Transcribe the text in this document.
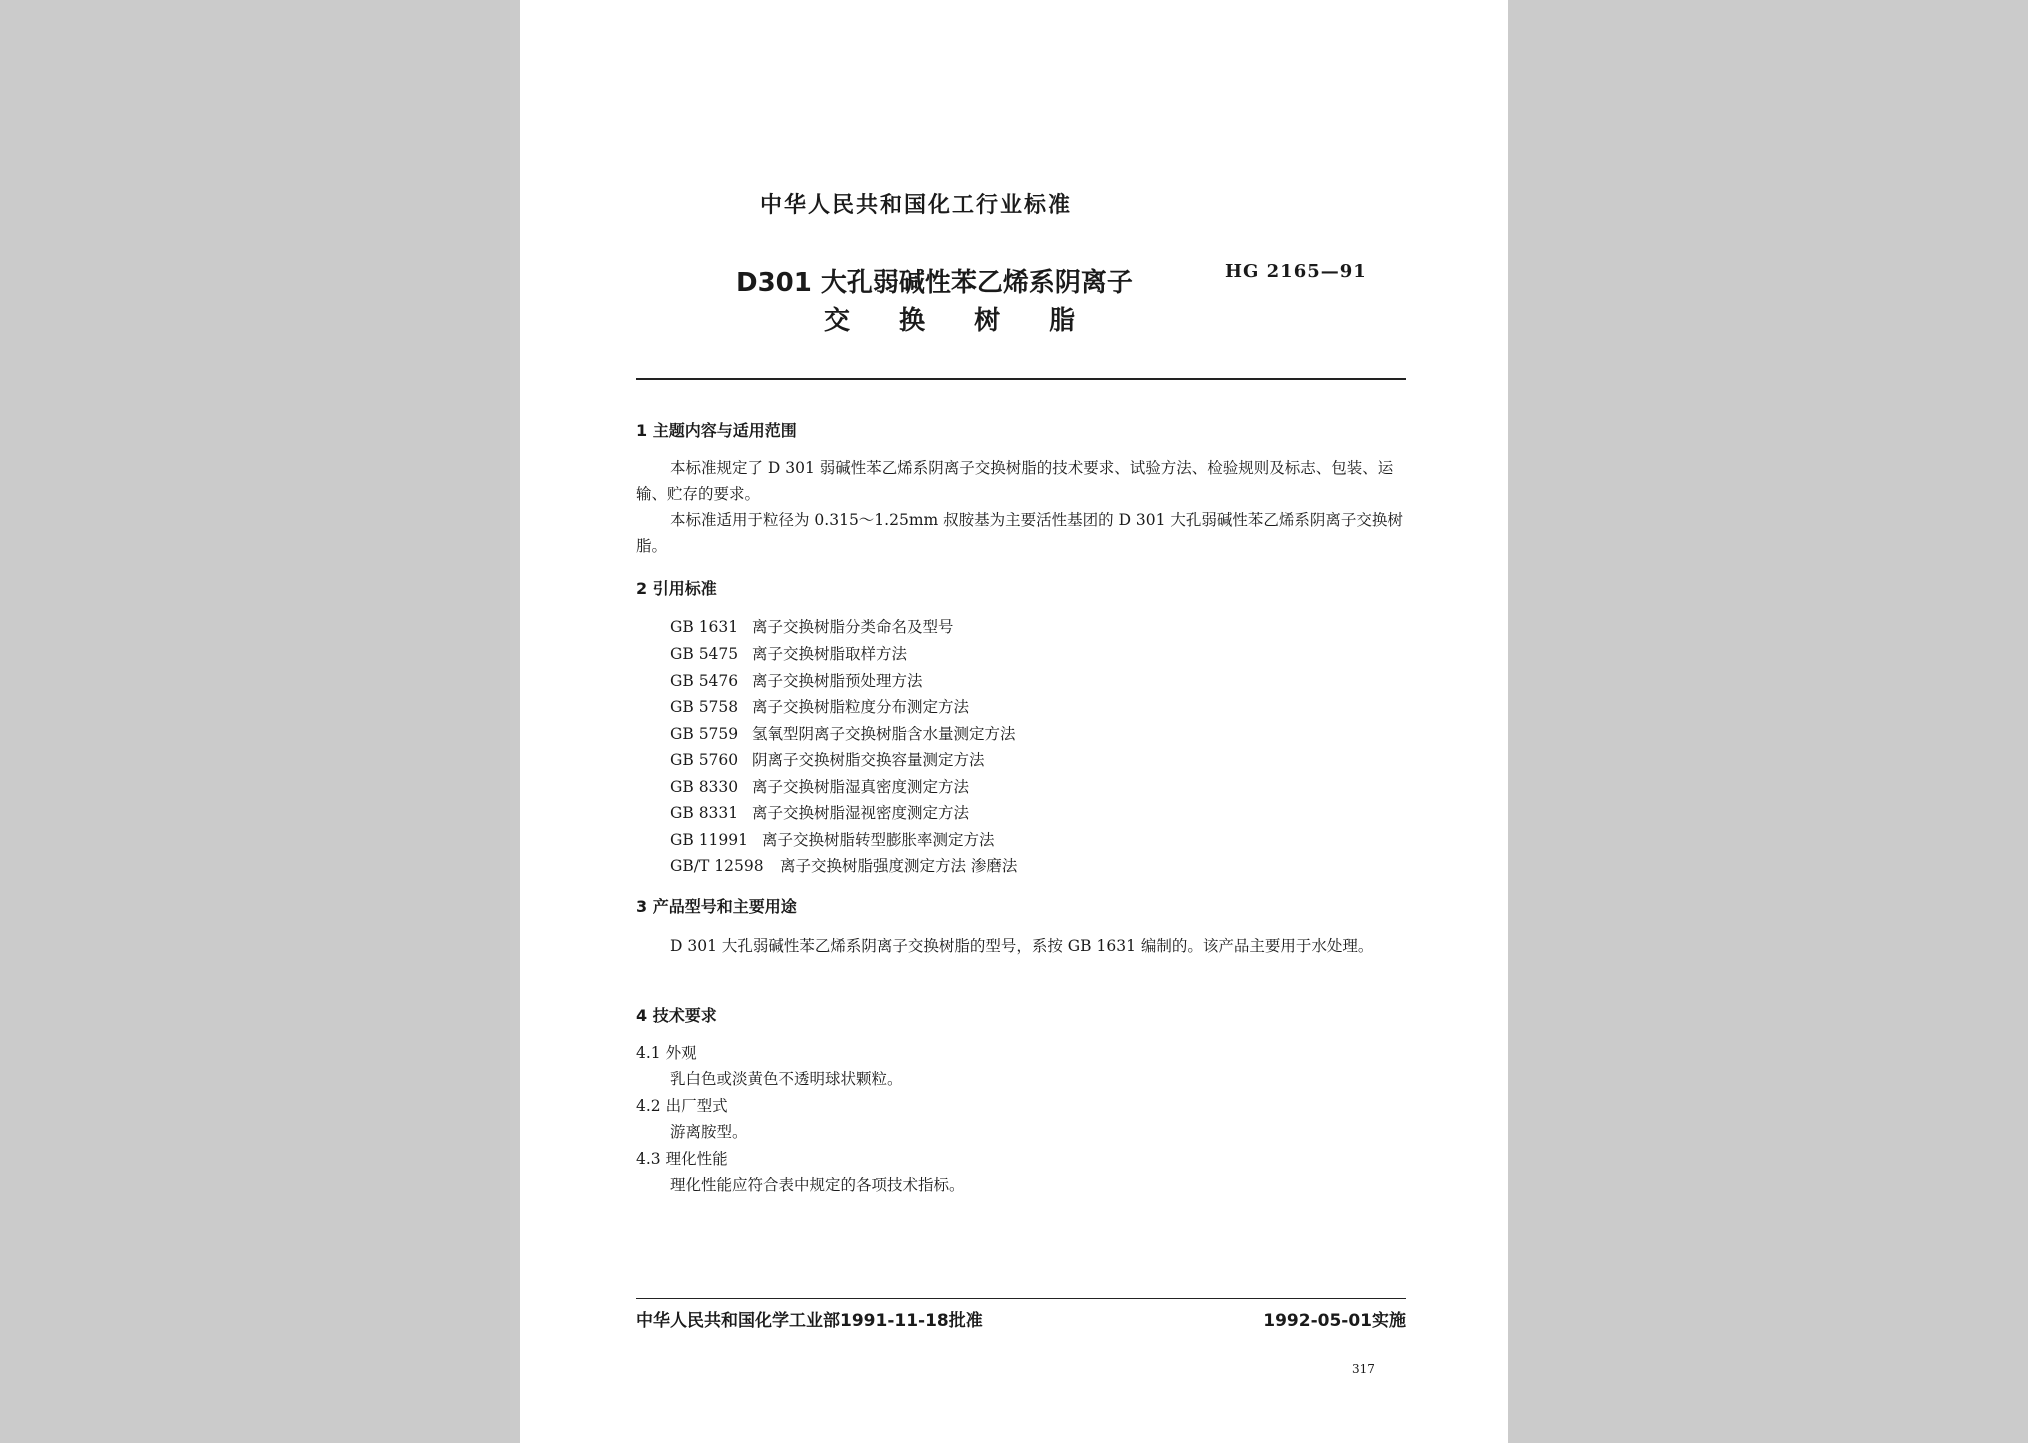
中华人民共和国化工行业标准
D301 大孔弱碱性苯乙烯系阴离子
交 换 树 脂
HG 2165—91
1 主题内容与适用范围
本标准规定了 D 301 弱碱性苯乙烯系阴离子交换树脂的技术要求、试验方法、检验规则及标志、包装、运输、贮存的要求。
本标准适用于粒径为 0.315～1.25mm 叔胺基为主要活性基团的 D 301 大孔弱碱性苯乙烯系阴离子交换树脂。
2 引用标准
GB 1631 离子交换树脂分类命名及型号
GB 5475 离子交换树脂取样方法
GB 5476 离子交换树脂预处理方法
GB 5758 离子交换树脂粒度分布测定方法
GB 5759 氢氧型阴离子交换树脂含水量测定方法
GB 5760 阴离子交换树脂交换容量测定方法
GB 8330 离子交换树脂湿真密度测定方法
GB 8331 离子交换树脂湿视密度测定方法
GB 11991 离子交换树脂转型膨胀率测定方法
GB/T 12598 离子交换树脂强度测定方法 渗磨法
3 产品型号和主要用途
D 301 大孔弱碱性苯乙烯系阴离子交换树脂的型号，系按 GB 1631 编制的。该产品主要用于水处理。
4 技术要求
4.1 外观
乳白色或淡黄色不透明球状颗粒。
4.2 出厂型式
游离胺型。
4.3 理化性能
理化性能应符合表中规定的各项技术指标。
中华人民共和国化学工业部1991-11-18批准	1992-05-01实施
317
